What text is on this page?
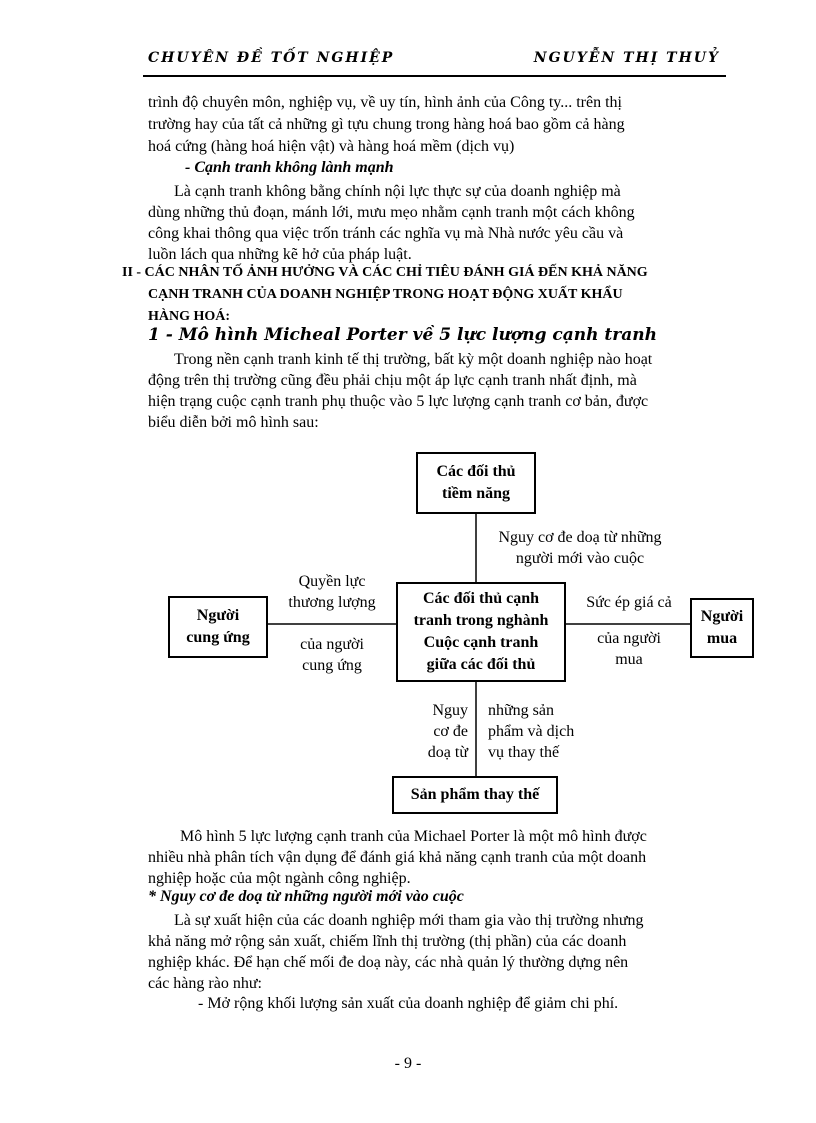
CHUYÊN ĐỀ TỐT NGHIỆP	NGUYỄN THỊ THUỶ

trình độ chuyên môn, nghiệp vụ, về uy tín, hình ảnh của Công ty... trên thị

trường hay của tất cả những gì tựu chung trong hàng hoá bao gồm cả hàng

hoá cứng (hàng hoá hiện vật) và hàng hoá mềm (dịch vụ)

- Cạnh tranh không lành mạnh

Là cạnh tranh không bằng chính nội lực thực sự của doanh nghiệp mà

dùng những thủ đoạn, mánh lới, mưu mẹo nhằm cạnh tranh một cách không

công khai thông qua việc trốn tránh các nghĩa vụ mà Nhà nước yêu cầu và

luồn lách qua những kẽ hở của pháp luật.

II - CÁC NHÂN TỐ ẢNH HƯỞNG VÀ CÁC CHỈ TIÊU ĐÁNH GIÁ ĐẾN KHẢ NĂNG

CẠNH TRANH CỦA DOANH NGHIỆP TRONG HOẠT ĐỘNG XUẤT KHẨU

HÀNG HOÁ:

1 - Mô hình Micheal Porter về 5 lực lượng cạnh tranh

Trong nền cạnh tranh kinh tế thị trường, bất kỳ một doanh nghiệp nào hoạt

động trên thị trường cũng đều phải chịu một áp lực cạnh tranh nhất định, mà

hiện trạng cuộc cạnh tranh phụ thuộc vào 5 lực lượng cạnh tranh cơ bản, được

biểu diễn bởi mô hình sau:

Các đối thủ
tiềm năng
Các đối thủ cạnh
tranh trong nghành
Cuộc cạnh tranh
giữa các đối thủ
Người
cung ứng
Người
mua
Sản phẩm thay thế
Nguy cơ đe doạ từ những
người mới vào cuộc
Quyền lực
thương lượng
của người
cung ứng
Sức ép giá cả
của người
mua
Nguy
cơ đe
doạ từ
những sản
phẩm và dịch
vụ thay thế

Mô hình 5 lực lượng cạnh tranh của Michael Porter là một mô hình được

nhiều nhà phân tích vận dụng để đánh giá khả năng cạnh tranh của một doanh

nghiệp hoặc của một ngành công nghiệp.

* Nguy cơ đe doạ từ những người mới vào cuộc

Là sự xuất hiện của các doanh nghiệp mới tham gia vào thị trường nhưng

khả năng mở rộng sản xuất, chiếm lĩnh thị trường (thị phần) của các doanh

nghiệp khác. Để hạn chế mối đe doạ này, các nhà quản lý thường dựng nên

các hàng rào như:

- Mở rộng khối lượng sản xuất của doanh nghiệp để giảm chi phí.
- 9 -
